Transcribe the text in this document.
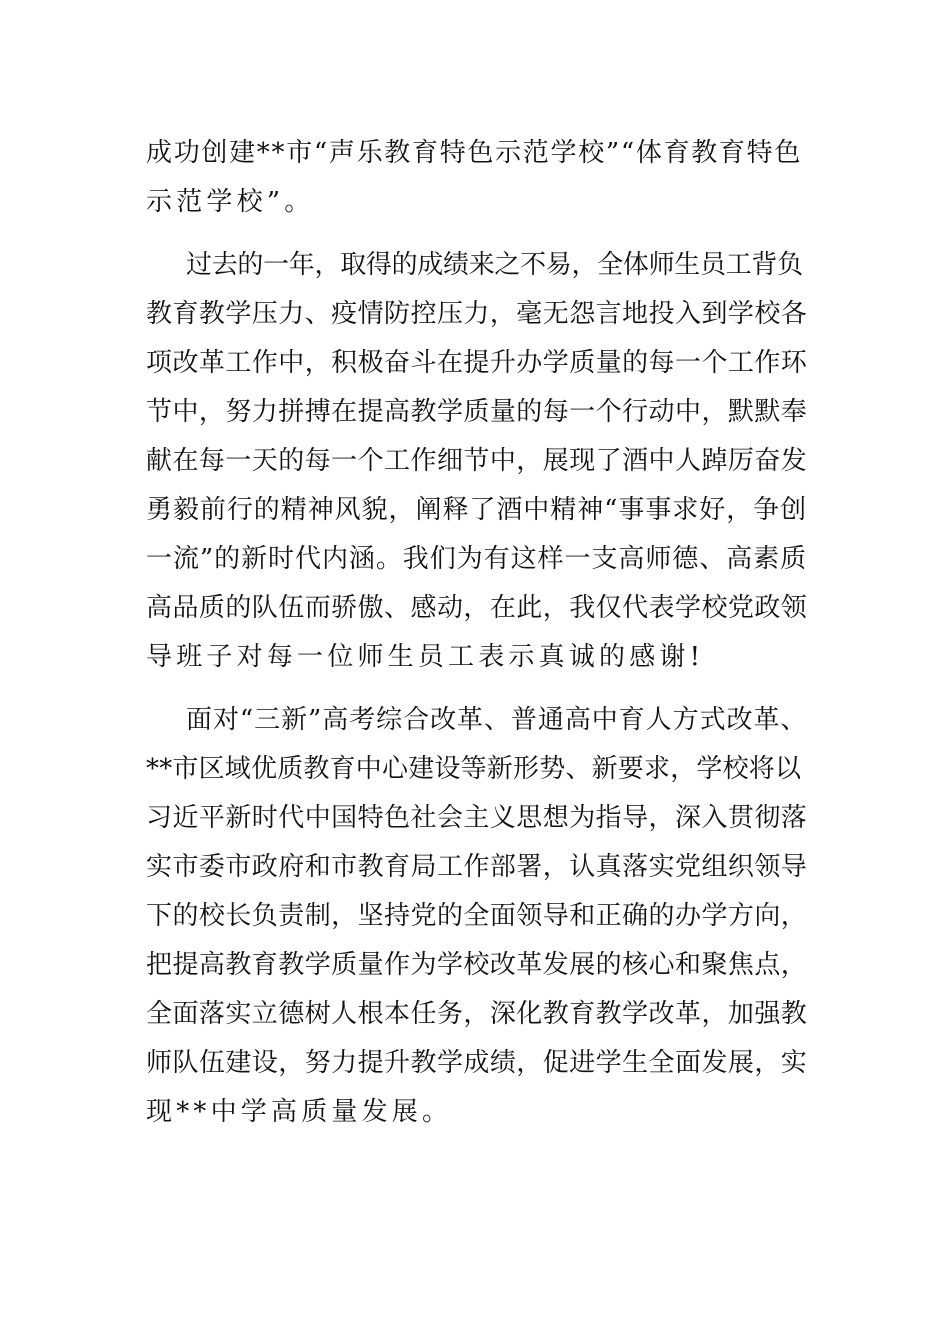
成功创建**市“声乐教育特色示范学校”“体育教育特色
示范学校”。
过去的一年，取得的成绩来之不易，全体师生员工背负
教育教学压力、疫情防控压力，毫无怨言地投入到学校各
项改革工作中，积极奋斗在提升办学质量的每一个工作环
节中，努力拼搏在提高教学质量的每一个行动中，默默奉
献在每一天的每一个工作细节中，展现了酒中人踔厉奋发
勇毅前行的精神风貌，阐释了酒中精神“事事求好，争创
一流”的新时代内涵。我们为有这样一支高师德、高素质
高品质的队伍而骄傲、感动，在此，我仅代表学校党政领
导班子对每一位师生员工表示真诚的感谢!
面对“三新”高考综合改革、普通高中育人方式改革、
**市区域优质教育中心建设等新形势、新要求，学校将以
习近平新时代中国特色社会主义思想为指导，深入贯彻落
实市委市政府和市教育局工作部署，认真落实党组织领导
下的校长负责制，坚持党的全面领导和正确的办学方向，
把提高教育教学质量作为学校改革发展的核心和聚焦点，
全面落实立德树人根本任务，深化教育教学改革，加强教
师队伍建设，努力提升教学成绩，促进学生全面发展，实
现**中学高质量发展。
